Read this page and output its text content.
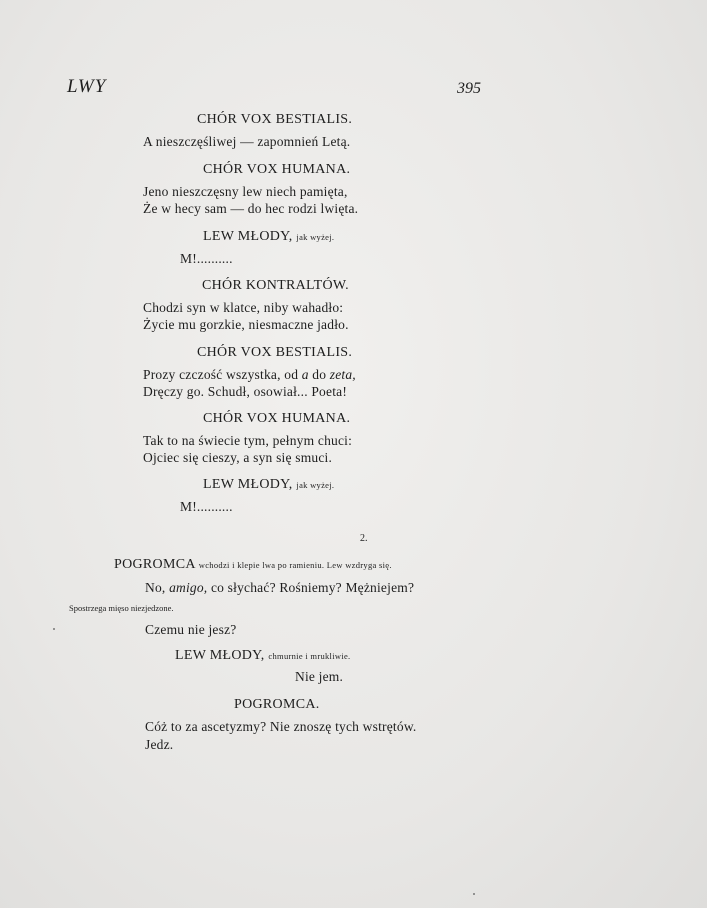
LWY	395
CHÓR VOX BESTIALIS.
A nieszczęśliwej — zapomnień Letą.
CHÓR VOX HUMANA.
Jeno nieszczęsny lew niech pamięta,
Że w hecy sam — do hec rodzi lwięta.
LEW MŁODY, jak wyżej.
M!..........
CHÓR KONTRALTÓW.
Chodzi syn w klatce, niby wahadło:
Życie mu gorzkie, niesmaczne jadło.
CHÓR VOX BESTIALIS.
Prozy czczość wszystka, od a do zeta,
Dręczy go. Schudł, osowiał... Poeta!
CHÓR VOX HUMANA.
Tak to na świecie tym, pełnym chuci:
Ojciec się cieszy, a syn się smuci.
LEW MŁODY, jak wyżej.
M!..........
2.
POGROMCA wchodzi i klepie lwa po ramieniu. Lew wzdryga się.
No, amigo, co słychać? Rośniemy? Mężniejem?
Spostrzega mięso niezjedzone.
Czemu nie jesz?
LEW MŁODY, chmurnie i mrukliwie.
Nie jem.
POGROMCA.
Cóż to za ascetyzmy? Nie znoszę tych wstrętów.
Jedz.
